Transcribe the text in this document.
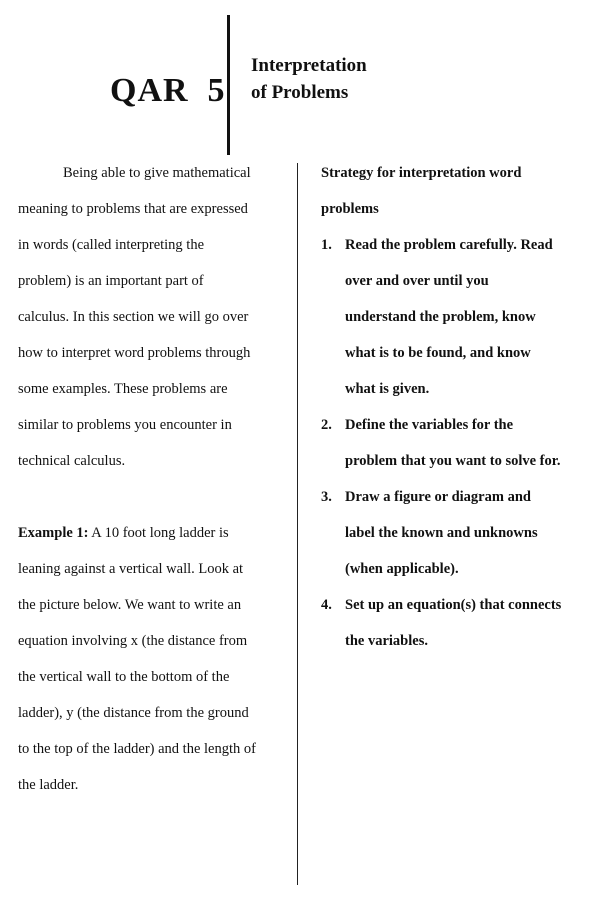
QAR  5
Interpretation
of Problems
Being able to give mathematical
meaning to problems that are expressed
in words (called interpreting the
problem) is an important part of
calculus. In this section we will go over
how to interpret word problems through
some examples. These problems are
similar to problems you encounter in
technical calculus.
Example 1: A 10 foot long ladder is
leaning against a vertical wall. Look at
the picture below. We want to write an
equation involving x (the distance from
the vertical wall to the bottom of the
ladder), y (the distance from the ground
to the top of the ladder) and the length of
the ladder.
Strategy for interpretation word
problems
1. Read the problem carefully. Read
over and over until you
understand the problem, know
what is to be found, and know
what is given.
2. Define the variables for the
problem that you want to solve for.
3. Draw a figure or diagram and
label the known and unknowns
(when applicable).
4. Set up an equation(s) that connects
the variables.
